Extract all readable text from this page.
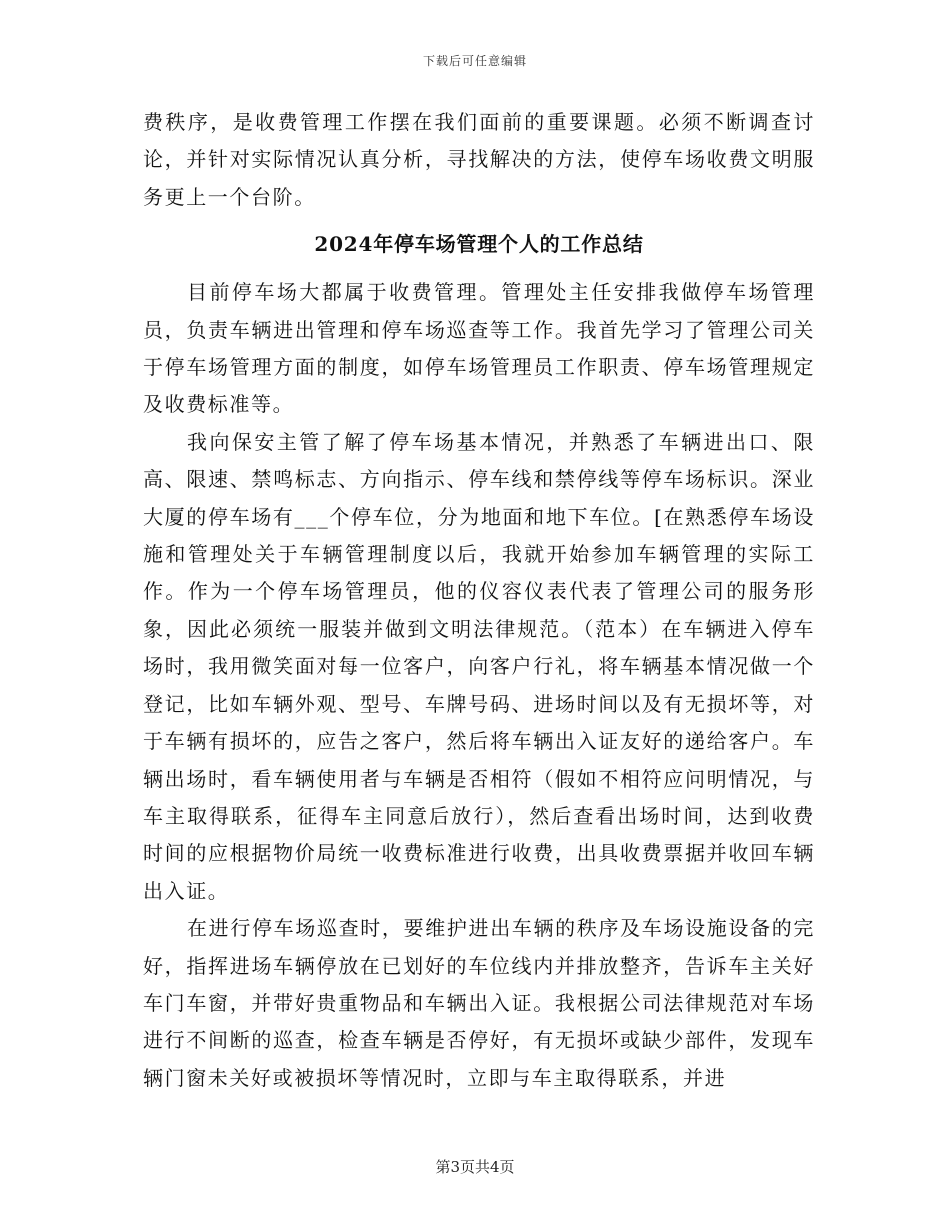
下载后可任意编辑

费秩序，是收费管理工作摆在我们面前的重要课题。必须不断调查讨论，并针对实际情况认真分析，寻找解决的方法，使停车场收费文明服务更上一个台阶。

2024年停车场管理个人的工作总结

目前停车场大都属于收费管理。管理处主任安排我做停车场管理员，负责车辆进出管理和停车场巡查等工作。我首先学习了管理公司关于停车场管理方面的制度，如停车场管理员工作职责、停车场管理规定及收费标准等。

我向保安主管了解了停车场基本情况，并熟悉了车辆进出口、限高、限速、禁鸣标志、方向指示、停车线和禁停线等停车场标识。深业大厦的停车场有___个停车位，分为地面和地下车位。[在熟悉停车场设施和管理处关于车辆管理制度以后，我就开始参加车辆管理的实际工作。作为一个停车场管理员，他的仪容仪表代表了管理公司的服务形象，因此必须统一服装并做到文明法律规范。（范本）在车辆进入停车场时，我用微笑面对每一位客户，向客户行礼，将车辆基本情况做一个登记，比如车辆外观、型号、车牌号码、进场时间以及有无损坏等，对于车辆有损坏的，应告之客户，然后将车辆出入证友好的递给客户。车辆出场时，看车辆使用者与车辆是否相符（假如不相符应问明情况，与车主取得联系，征得车主同意后放行），然后查看出场时间，达到收费时间的应根据物价局统一收费标准进行收费，出具收费票据并收回车辆出入证。

在进行停车场巡查时，要维护进出车辆的秩序及车场设施设备的完好，指挥进场车辆停放在已划好的车位线内并排放整齐，告诉车主关好车门车窗，并带好贵重物品和车辆出入证。我根据公司法律规范对车场进行不间断的巡查，检查车辆是否停好，有无损坏或缺少部件，发现车辆门窗未关好或被损坏等情况时，立即与车主取得联系，并进

第3页共4页
